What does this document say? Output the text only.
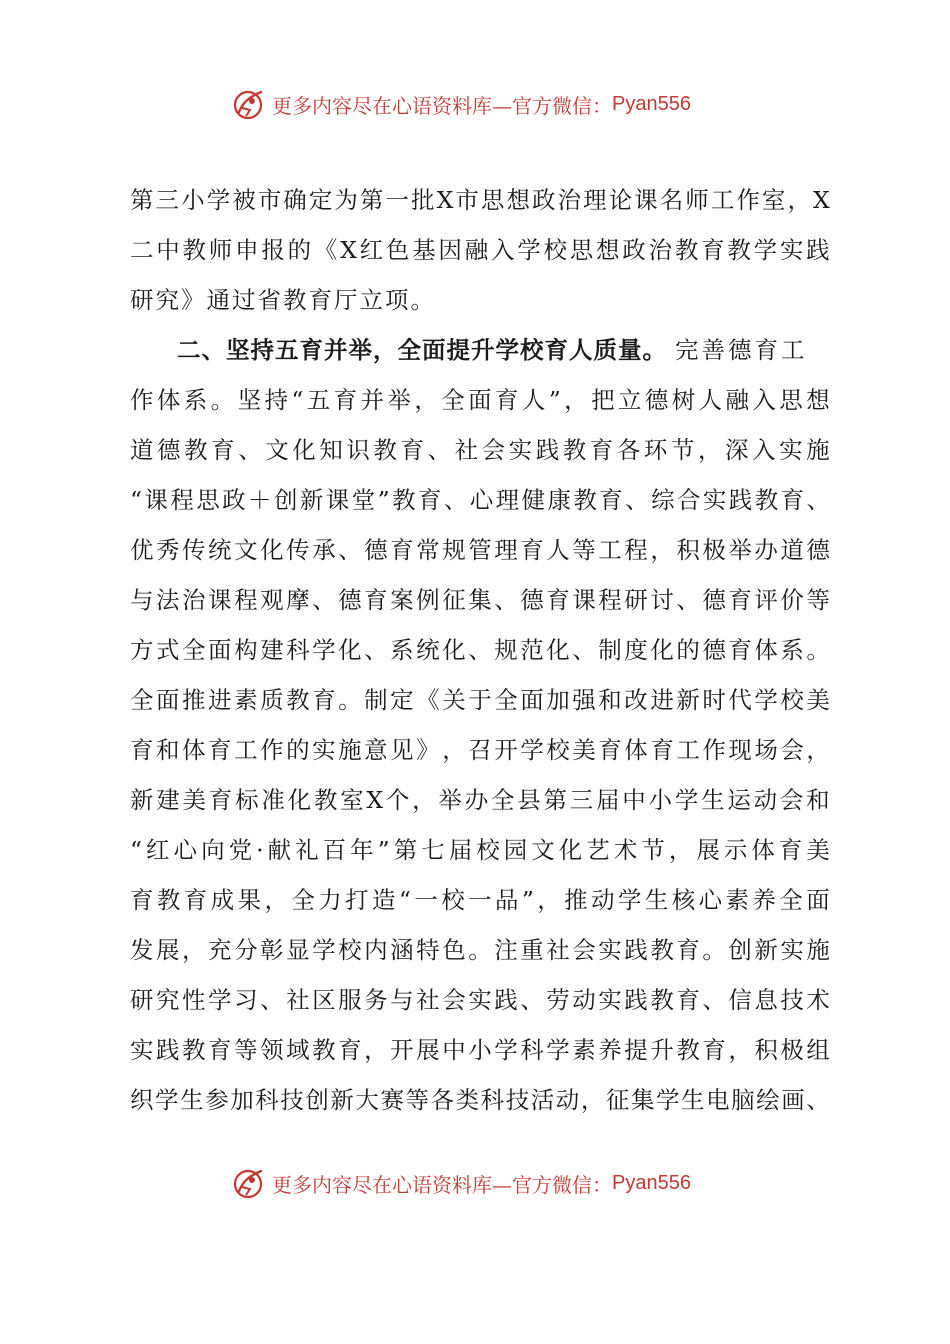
更多内容尽在心语资料库—官方微信： Pyan556
第 三 小 学 被 市 确 定 为 第 一 批 X 市 思 想 政 治 理 论 课 名 师 工 作 室 ， X
二 中 教 师 申 报 的 《 X 红 色 基 因 融 入 学 校 思 想 政 治 教 育 教 学 实 践
研究》通过省教育厅立项。
二、坚持五育并举，全面提升学校育人质量。 完善德育工
作 体 系 。 坚 持 “ 五 育 并 举 ， 全 面 育 人 ” ， 把 立 德 树 人 融 入 思 想
道 德 教 育 、 文 化 知 识 教 育 、 社 会 实 践 教 育 各 环 节 ， 深 入 实 施
“ 课 程 思 政 ＋ 创 新 课 堂 ” 教 育 、 心 理 健 康 教 育 、 综 合 实 践 教 育 、
优 秀 传 统 文 化 传 承 、 德 育 常 规 管 理 育 人 等 工 程 ， 积 极 举 办 道 德
与 法 治 课 程 观 摩 、 德 育 案 例 征 集 、 德 育 课 程 研 讨 、 德 育 评 价 等
方 式 全 面 构 建 科 学 化 、 系 统 化 、 规 范 化 、 制 度 化 的 德 育 体 系 。
全 面 推 进 素 质 教 育 。 制 定 《 关 于 全 面 加 强 和 改 进 新 时 代 学 校 美
育 和 体 育 工 作 的 实 施 意 见 》 ， 召 开 学 校 美 育 体 育 工 作 现 场 会 ，
新 建 美 育 标 准 化 教 室 X 个 ， 举 办 全 县 第 三 届 中 小 学 生 运 动 会 和
“ 红 心 向 党 · 献 礼 百 年 ” 第 七 届 校 园 文 化 艺 术 节 ， 展 示 体 育 美
育 教 育 成 果 ， 全 力 打 造 “ 一 校 一 品 ” ， 推 动 学 生 核 心 素 养 全 面
发 展 ， 充 分 彰 显 学 校 内 涵 特 色 。 注 重 社 会 实 践 教 育 。 创 新 实 施
研 究 性 学 习 、 社 区 服 务 与 社 会 实 践 、 劳 动 实 践 教 育 、 信 息 技 术
实 践 教 育 等 领 域 教 育 ， 开 展 中 小 学 科 学 素 养 提 升 教 育 ， 积 极 组
织 学 生 参 加 科 技 创 新 大 赛 等 各 类 科 技 活 动 ， 征 集 学 生 电 脑 绘 画 、
更多内容尽在心语资料库—官方微信： Pyan556
